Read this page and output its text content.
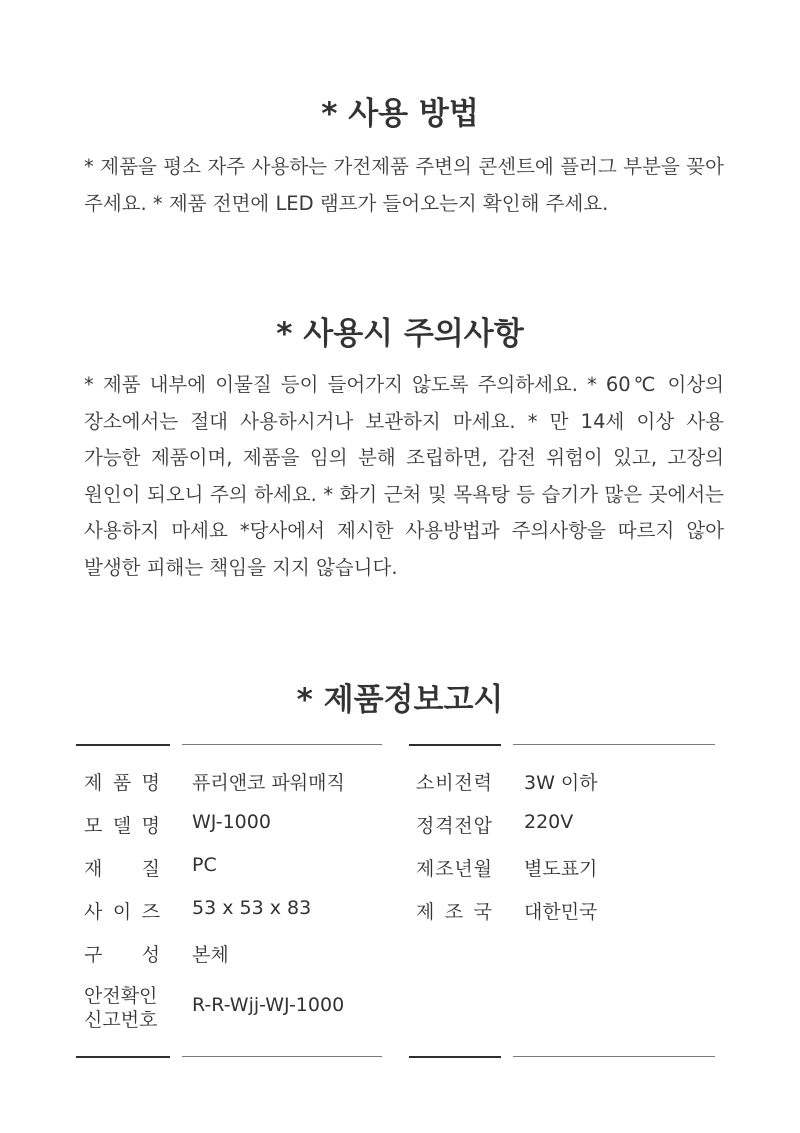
* 사용 방법
* 제품을 평소 자주 사용하는 가전제품 주변의 콘센트에 플러그 부분을 꽂아 주세요. * 제품 전면에 LED 램프가 들어오는지 확인해 주세요.
* 사용시 주의사항
* 제품 내부에 이물질 등이 들어가지 않도록 주의하세요. * 60℃ 이상의 장소에서는 절대 사용하시거나 보관하지 마세요. * 만 14세 이상 사용 가능한 제품이며, 제품을 임의 분해 조립하면, 감전 위험이 있고, 고장의 원인이 되오니 주의 하세요. * 화기 근처 및 목욕탕 등 습기가 많은 곳에서는 사용하지 마세요 *당사에서 제시한 사용방법과 주의사항을 따르지 않아 발생한 피해는 책임을 지지 않습니다.
* 제품정보고시
제 품 명 퓨리앤코 파워매직
모 델 명 WJ-1000
재 질 PC
사 이 즈 53 x 53 x 83
구 성 본체
안전확인
신고번호
R-R-Wjj-WJ-1000
소 비 전 력 3W 이하
정 격 전 압 220V
제 조 년 월 별도표기
제 조 국 대한민국
